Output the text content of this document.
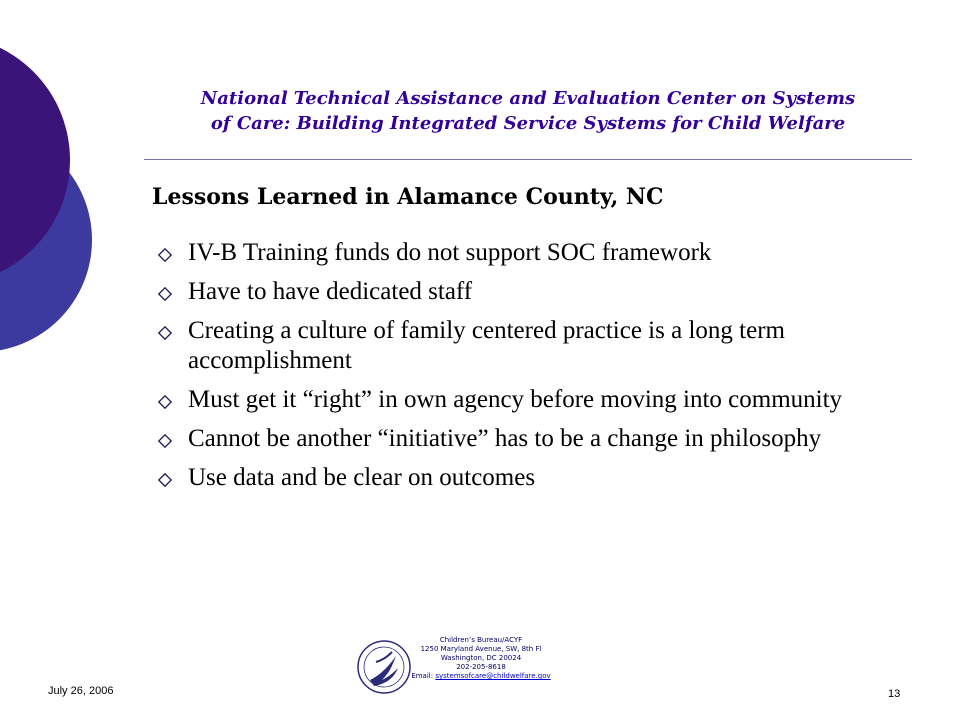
National Technical Assistance and Evaluation Center on Systems
of Care: Building Integrated Service Systems for Child Welfare
Lessons Learned in Alamance County, NC
IV-B Training funds do not support SOC framework
Have to have dedicated staff
Creating a culture of family centered practice is a long term accomplishment
Must get it “right” in own agency before moving into community
Cannot be another “initiative” has to be a change in philosophy
Use data and be clear on outcomes
July 26, 2006
Children’s Bureau/ACYF
1250 Maryland Avenue, SW, 8th Fl
Washington, DC 20024
202-205-8618
Email: systemsofcare@childwelfare.gov
13
